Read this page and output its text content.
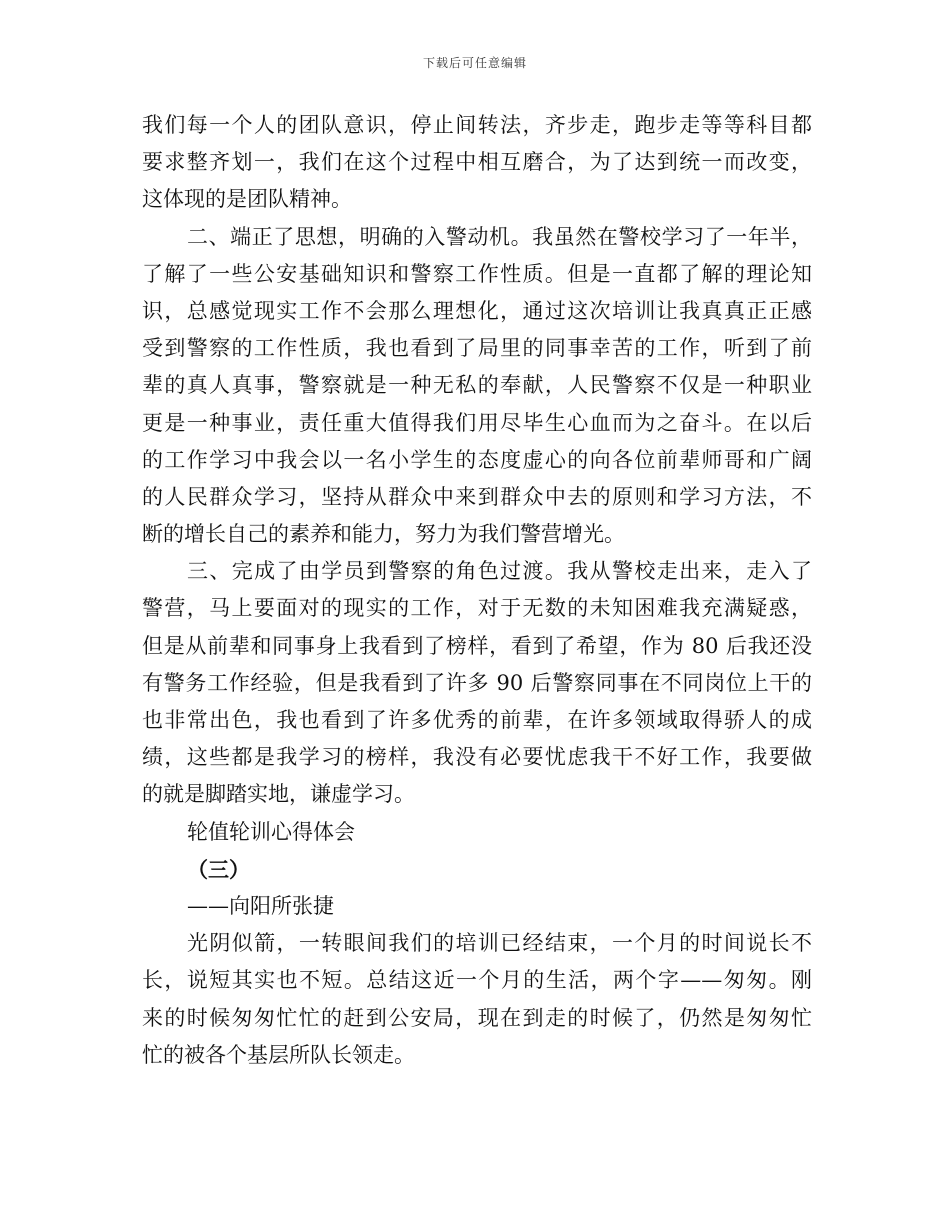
下载后可任意编辑
我们每一个人的团队意识，停止间转法，齐步走，跑步走等等科目都
要求整齐划一，我们在这个过程中相互磨合，为了达到统一而改变，
这体现的是团队精神。
二、端正了思想，明确的入警动机。我虽然在警校学习了一年半，
了解了一些公安基础知识和警察工作性质。但是一直都了解的理论知
识，总感觉现实工作不会那么理想化，通过这次培训让我真真正正感
受到警察的工作性质，我也看到了局里的同事幸苦的工作，听到了前
辈的真人真事，警察就是一种无私的奉献，人民警察不仅是一种职业
更是一种事业，责任重大值得我们用尽毕生心血而为之奋斗。在以后
的工作学习中我会以一名小学生的态度虚心的向各位前辈师哥和广阔
的人民群众学习，坚持从群众中来到群众中去的原则和学习方法，不
断的增长自己的素养和能力，努力为我们警营增光。
三、完成了由学员到警察的角色过渡。我从警校走出来，走入了
警营，马上要面对的现实的工作，对于无数的未知困难我充满疑惑，
但是从前辈和同事身上我看到了榜样，看到了希望，作为 80 后我还没
有警务工作经验，但是我看到了许多 90 后警察同事在不同岗位上干的
也非常出色，我也看到了许多优秀的前辈，在许多领域取得骄人的成
绩，这些都是我学习的榜样，我没有必要忧虑我干不好工作，我要做
的就是脚踏实地，谦虚学习。
轮值轮训心得体会
（三）
——向阳所张捷
光阴似箭，一转眼间我们的培训已经结束，一个月的时间说长不
长，说短其实也不短。总结这近一个月的生活，两个字——匆匆。刚
来的时候匆匆忙忙的赶到公安局，现在到走的时候了，仍然是匆匆忙
忙的被各个基层所队长领走。
